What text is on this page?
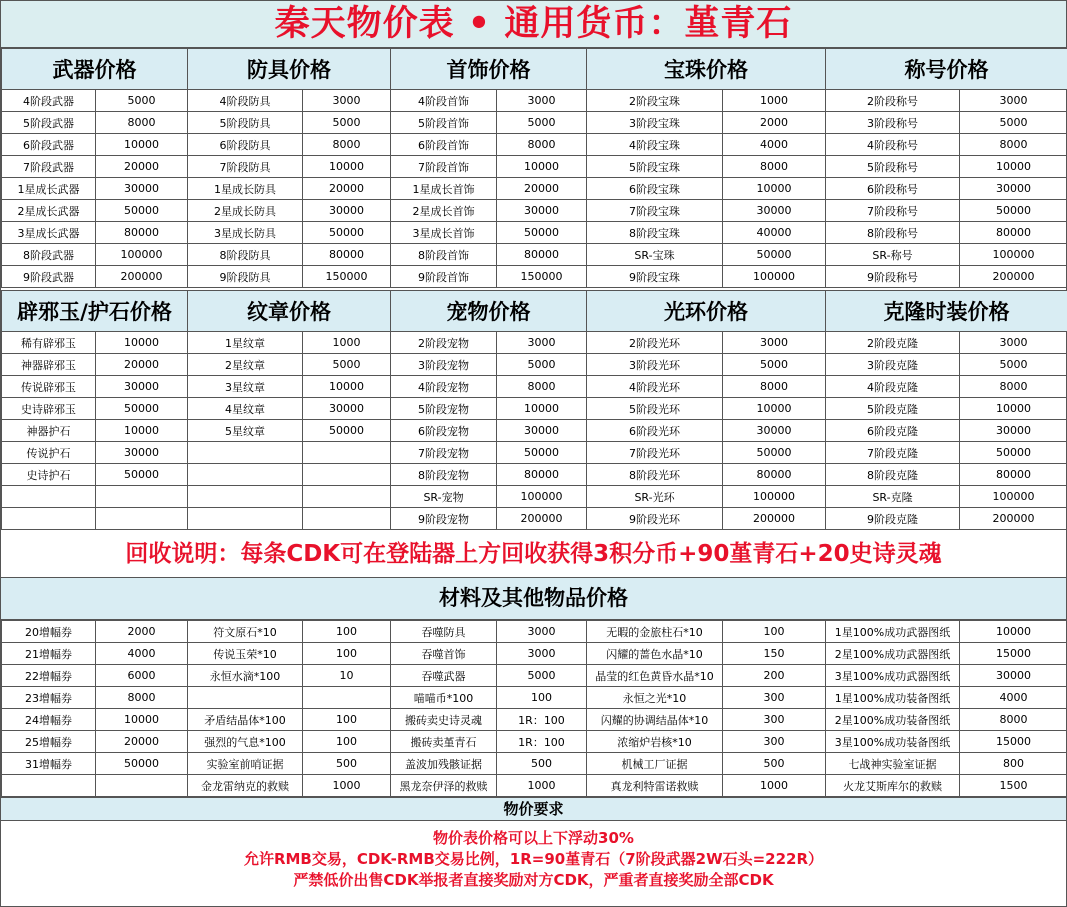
秦天物价表 • 通用货币：堇青石
武器价格		防具价格		首饰价格		宝珠价格		称号价格	
4阶段武器	5000	4阶段防具	3000	4阶段首饰	3000	2阶段宝珠	1000	2阶段称号	3000
5阶段武器	8000	5阶段防具	5000	5阶段首饰	5000	3阶段宝珠	2000	3阶段称号	5000
6阶段武器	10000	6阶段防具	8000	6阶段首饰	8000	4阶段宝珠	4000	4阶段称号	8000
7阶段武器	20000	7阶段防具	10000	7阶段首饰	10000	5阶段宝珠	8000	5阶段称号	10000
1星成长武器	30000	1星成长防具	20000	1星成长首饰	20000	6阶段宝珠	10000	6阶段称号	30000
2星成长武器	50000	2星成长防具	30000	2星成长首饰	30000	7阶段宝珠	30000	7阶段称号	50000
3星成长武器	80000	3星成长防具	50000	3星成长首饰	50000	8阶段宝珠	40000	8阶段称号	80000
8阶段武器	100000	8阶段防具	80000	8阶段首饰	80000	SR-宝珠	50000	SR-称号	100000
9阶段武器	200000	9阶段防具	150000	9阶段首饰	150000	9阶段宝珠	100000	9阶段称号	200000
辟邪玉/护石价格		纹章价格		宠物价格		光环价格		克隆时装价格	
稀有辟邪玉	10000	1星纹章	1000	2阶段宠物	3000	2阶段光环	3000	2阶段克隆	3000
神器辟邪玉	20000	2星纹章	5000	3阶段宠物	5000	3阶段光环	5000	3阶段克隆	5000
传说辟邪玉	30000	3星纹章	10000	4阶段宠物	8000	4阶段光环	8000	4阶段克隆	8000
史诗辟邪玉	50000	4星纹章	30000	5阶段宠物	10000	5阶段光环	10000	5阶段克隆	10000
神器护石	10000	5星纹章	50000	6阶段宠物	30000	6阶段光环	30000	6阶段克隆	30000
传说护石	30000			7阶段宠物	50000	7阶段光环	50000	7阶段克隆	50000
史诗护石	50000			8阶段宠物	80000	8阶段光环	80000	8阶段克隆	80000
				SR-宠物	100000	SR-光环	100000	SR-克隆	100000
				9阶段宠物	200000	9阶段光环	200000	9阶段克隆	200000
回收说明：每条CDK可在登陆器上方回收获得3积分币+90堇青石+20史诗灵魂
材料及其他物品价格
20增幅券	2000	符文原石*10	100	吞噬防具	3000	无暇的金旅柱石*10	100	1星100%成功武器图纸	10000
21增幅券	4000	传说玉荣*10	100	吞噬首饰	3000	闪耀的蔷色水晶*10	150	2星100%成功武器图纸	15000
22增幅券	6000	永恒水滴*100	10	吞噬武器	5000	晶莹的红色黄昏水晶*10	200	3星100%成功武器图纸	30000
23增幅券	8000			喵喵币*100	100	永恒之光*10	300	1星100%成功装备图纸	4000
24增幅券	10000	矛盾结晶体*100	100	搬砖卖史诗灵魂	1R：100	闪耀的协调结晶体*10	300	2星100%成功装备图纸	8000
25增幅券	20000	强烈的气息*100	100	搬砖卖堇青石	1R：100	浓缩炉岩核*10	300	3星100%成功装备图纸	15000
31增幅券	50000	实验室前哨证据	500	盖波加残骸证据	500	机械工厂证据	500	七战神实验室证据	800
		金龙雷纳克的救赎	1000	黑龙奈伊泽的救赎	1000	真龙利特雷诺救赎	1000	火龙艾斯库尔的救赎	1500
物价要求
物价表价格可以上下浮动30%
允许RMB交易，CDK-RMB交易比例，1R=90堇青石（7阶段武器2W石头=222R）
严禁低价出售CDK举报者直接奖励对方CDK，严重者直接奖励全部CDK
